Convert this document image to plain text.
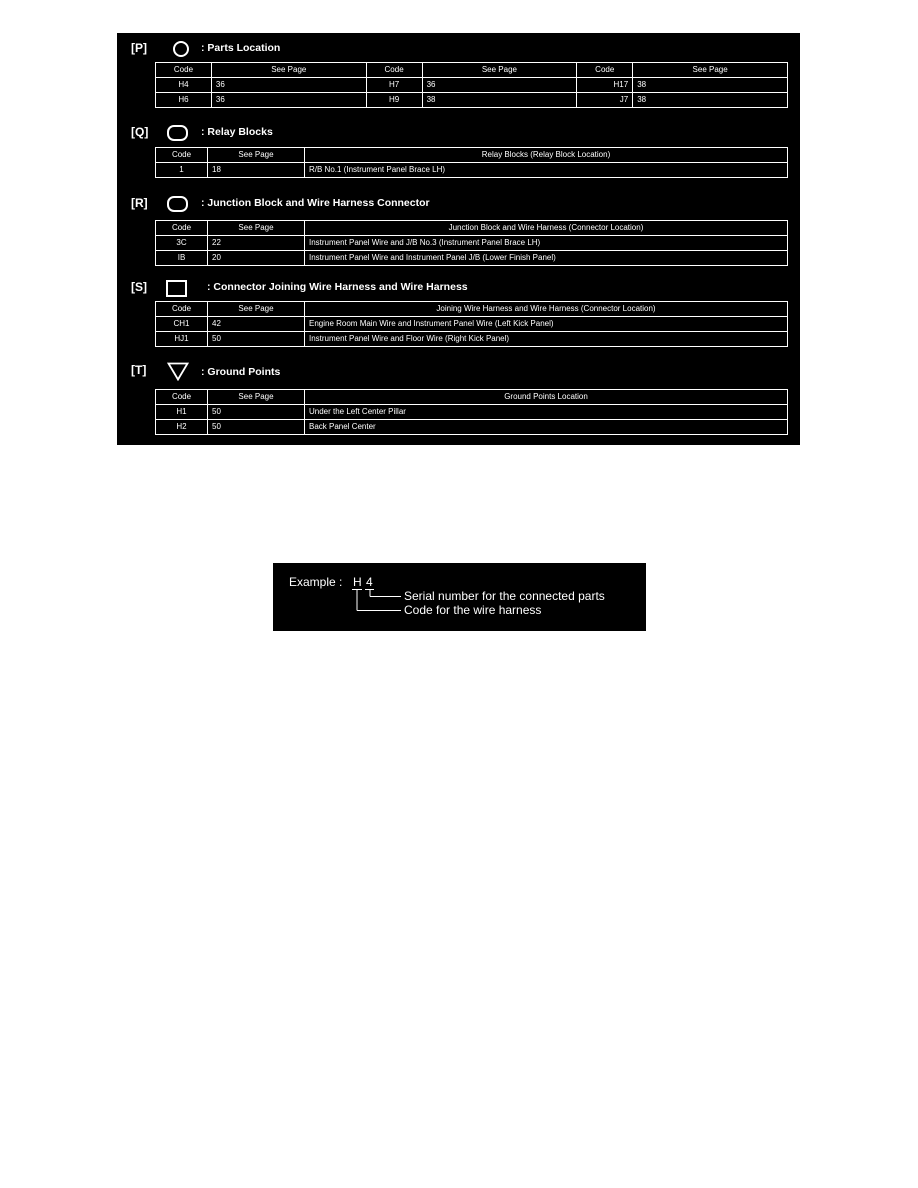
[P]	: Parts Location
Code	See Page	Code	See Page	Code	See Page
H4	36	H7	36	H17	38
H6	36	H9	38	J7	38
[Q]	: Relay Blocks
Code	See Page	Relay Blocks (Relay Block Location)
1	18	R/B No.1 (Instrument Panel Brace LH)
[R]	: Junction Block and Wire Harness Connector
Code	See Page	Junction Block and Wire Harness (Connector Location)
3C	22	Instrument Panel Wire and J/B No.3 (Instrument Panel Brace LH)
IB	20	Instrument Panel Wire and Instrument Panel J/B (Lower Finish Panel)
[S]	: Connector Joining Wire Harness and Wire Harness
Code	See Page	Joining Wire Harness and Wire Harness (Connector Location)
CH1	42	Engine Room Main Wire and Instrument Panel Wire (Left Kick Panel)
HJ1	50	Instrument Panel Wire and Floor Wire (Right Kick Panel)
[T]	: Ground Points
Code	See Page	Ground Points Location
H1	50	Under the Left Center Pillar
H2	50	Back Panel Center
Example : H 4
Serial number for the connected parts
Code for the wire harness
